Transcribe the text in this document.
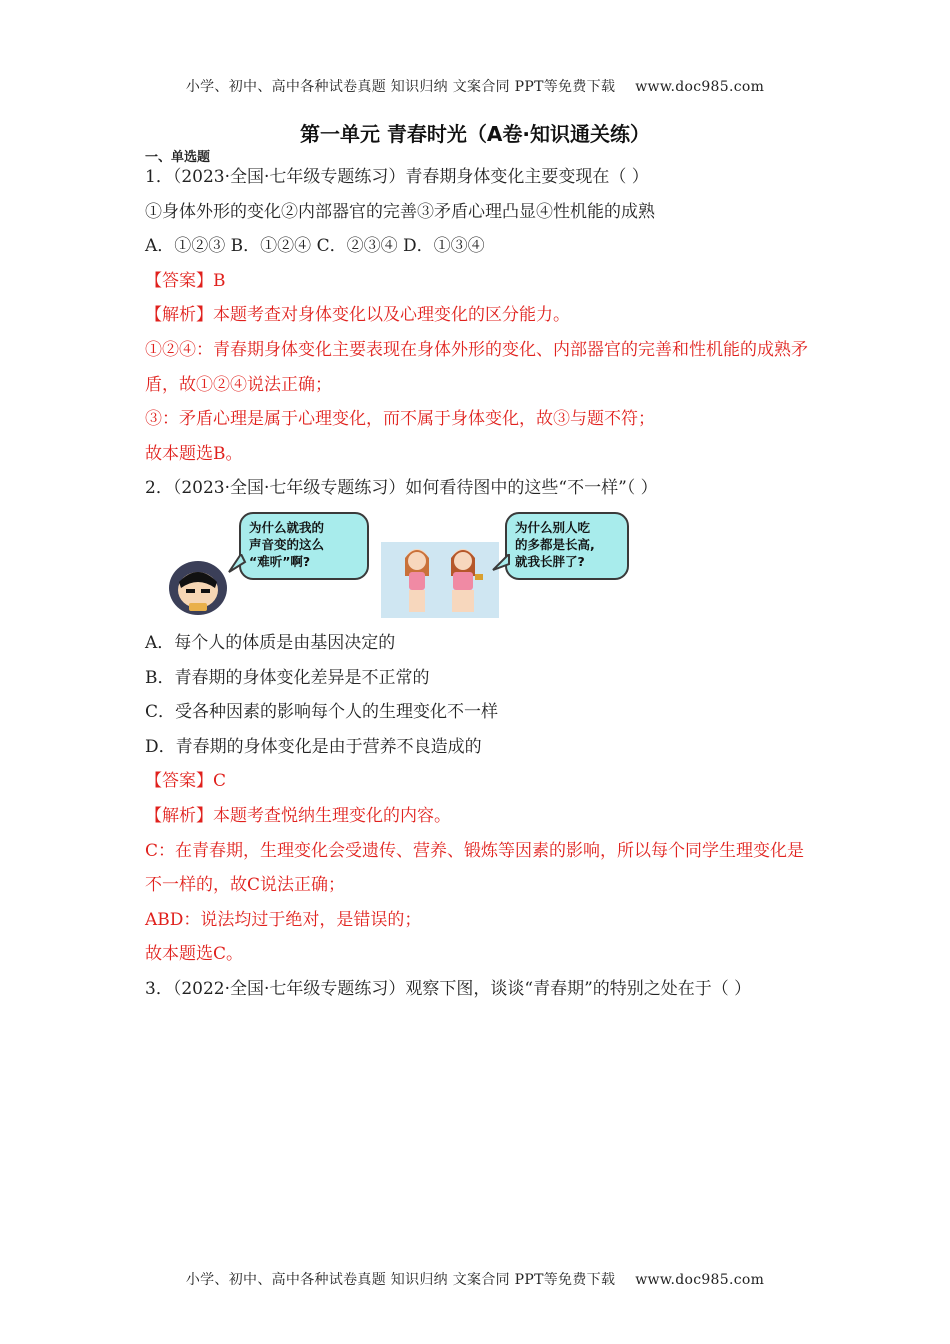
小学、初中、高中各种试卷真题 知识归纳 文案合同 PPT等免费下载 www.doc985.com
第一单元 青春时光（A卷·知识通关练）
一、单选题
1．（2023·全国·七年级专题练习）青春期身体变化主要变现在（ ）
①身体外形的变化②内部器官的完善③矛盾心理凸显④性机能的成熟
A．①②③ B．①②④ C．②③④ D．①③④
【答案】B
【解析】本题考查对身体变化以及心理变化的区分能力。
①②④：青春期身体变化主要表现在身体外形的变化、内部器官的完善和性机能的成熟矛盾，故①②④说法正确；
③：矛盾心理是属于心理变化，而不属于身体变化，故③与题不符；
故本题选B。
2．（2023·全国·七年级专题练习）如何看待图中的这些“不一样”（ ）
为什么就我的
声音变的这么
“难听”啊?
为什么别人吃
的多都是长高,
就我长胖了?
A．每个人的体质是由基因决定的
B．青春期的身体变化差异是不正常的
C．受各种因素的影响每个人的生理变化不一样
D．青春期的身体变化是由于营养不良造成的
【答案】C
【解析】本题考查悦纳生理变化的内容。
C：在青春期，生理变化会受遗传、营养、锻炼等因素的影响，所以每个同学生理变化是不一样的，故C说法正确；
ABD：说法均过于绝对，是错误的；
故本题选C。
3．（2022·全国·七年级专题练习）观察下图，谈谈“青春期”的特别之处在于（ ）
小学、初中、高中各种试卷真题 知识归纳 文案合同 PPT等免费下载 www.doc985.com
